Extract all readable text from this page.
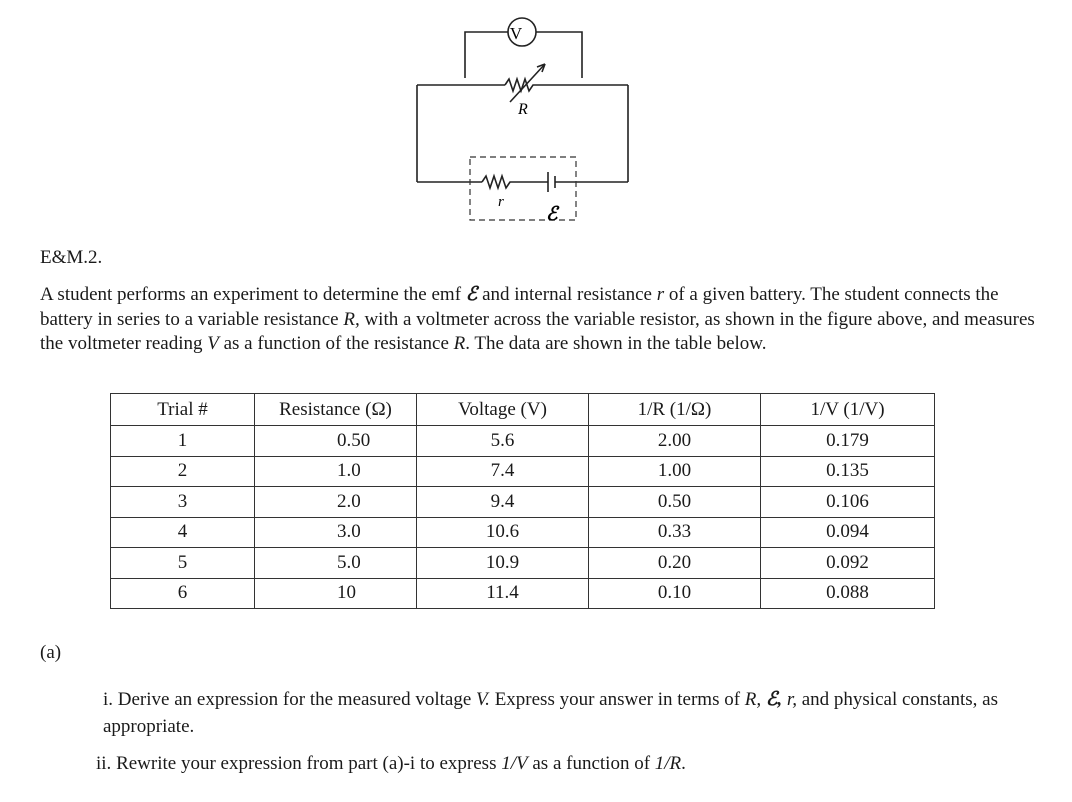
V
R
r
ℰ
E&M.2.
A student performs an experiment to determine the emf ℰ and internal resistance r of a given battery. The student connects the battery in series to a variable resistance R, with a voltmeter across the variable resistor, as shown in the figure above, and measures the voltmeter reading V as a function of the resistance R. The data are shown in the table below.
Trial #	Resistance (Ω)	Voltage (V)	1/R (1/Ω)	1/V (1/V)
1	0.50	5.6	2.00	0.179
2	1.0	7.4	1.00	0.135
3	2.0	9.4	0.50	0.106
4	3.0	10.6	0.33	0.094
5	5.0	10.9	0.20	0.092
6	10	11.4	0.10	0.088
(a)
i. Derive an expression for the measured voltage V. Express your answer in terms of R, ℰ, r, and physical constants, as appropriate.
ii. Rewrite your expression from part (a)-i to express 1/V as a function of 1/R.
